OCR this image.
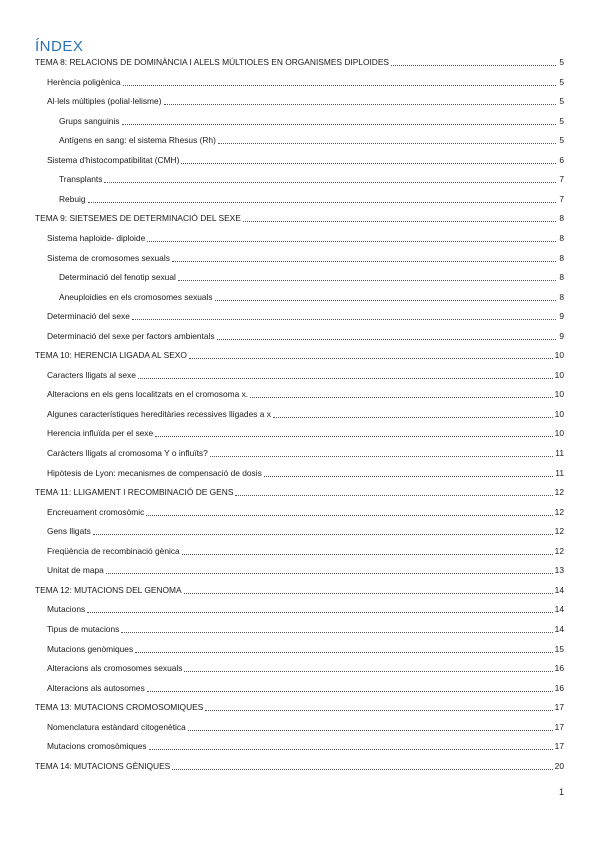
ÍNDEX
TEMA 8: RELACIONS DE DOMINÀNCIA I ALELS MÚLTIOLES EN ORGANISMES DIPLOIDES	5
Herència poligènica	5
Al·lels múltiples (polial·lelisme)	5
Grups sanguinis	5
Antígens en sang: el sistema Rhesus (Rh)	5
Sistema d'histocompatibilitat (CMH)	6
Transplants	7
Rebuig	7
TEMA 9: SIETSEMES DE DETERMINACIÓ DEL SEXE	8
Sistema haploide- diploide	8
Sistema de cromosomes sexuals	8
Determinació del fenotip sexual	8
Aneuploidies en els cromosomes sexuals	8
Determinació del sexe	9
Determinació del sexe per factors ambientals	9
TEMA 10: HERENCIA LIGADA AL SEXO	10
Caracters lligats al sexe	10
Alteracions en els gens localitzats en el cromosoma x.	10
Algunes característiques hereditàries recessives lligades a x	10
Herencia influïda per el sexe	10
Caràcters lligats al cromosoma Y o influïts?	11
Hipòtesis de Lyon: mecanismes de compensació de dosis	11
TEMA 11: LLIGAMENT I RECOMBINACIÓ DE GENS	12
Encreuament cromosòmic	12
Gens lligats	12
Freqüència de recombinació gènica	12
Unitat de mapa	13
TEMA 12: MUTACIONS DEL GENOMA	14
Mutacions	14
Tipus de mutacions	14
Mutacions genòmiques	15
Alteracions als cromosomes sexuals	16
Alteracions als autosomes	16
TEMA 13: MUTACIONS CROMOSOMIQUES	17
Nomenclatura estàndard citogenètica	17
Mutacions cromosòmiques	17
TEMA 14: MUTACIONS GÈNIQUES	20
1
